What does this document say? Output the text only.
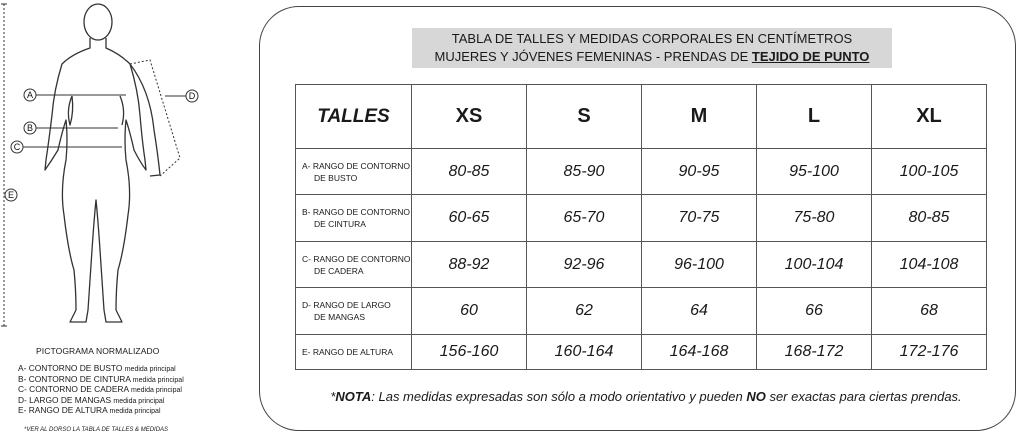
A
B
C
D
E
PICTOGRAMA NORMALIZADO
A- CONTORNO DE BUSTO medida principal
B- CONTORNO DE CINTURA medida principal
C- CONTORNO DE CADERA medida principal
D- LARGO DE MANGAS medida principal
E- RANGO DE ALTURA medida principal
*VER AL DORSO LA TABLA DE TALLES & MEDIDAS
TABLA DE TALLES Y MEDIDAS CORPORALES EN CENTÍMETROS
MUJERES Y JÓVENES FEMENINAS - PRENDAS DE TEJIDO DE PUNTO
TALLES	XS	S	M	L	XL
A- RANGO DE CONTORNO
DE BUSTO	80-85	85-90	90-95	95-100	100-105
B- RANGO DE CONTORNO
DE CINTURA	60-65	65-70	70-75	75-80	80-85
C- RANGO DE CONTORNO
DE CADERA	88-92	92-96	96-100	100-104	104-108
D- RANGO DE LARGO
DE MANGAS	60	62	64	66	68
E- RANGO DE ALTURA	156-160	160-164	164-168	168-172	172-176
*NOTA: Las medidas expresadas son sólo a modo orientativo y pueden NO ser exactas para ciertas prendas.
